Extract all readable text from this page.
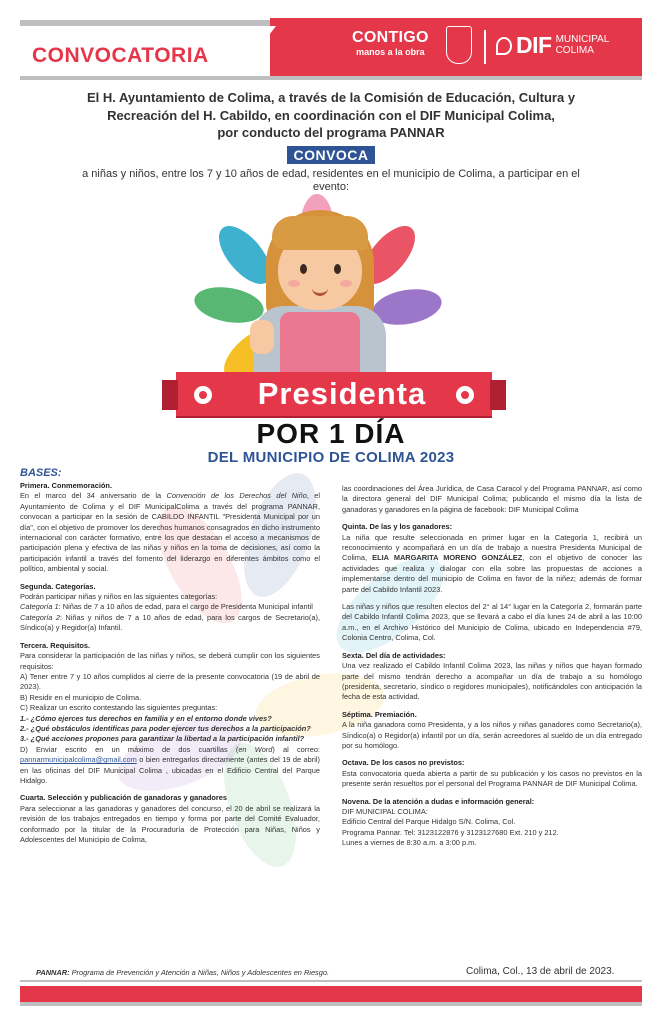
CONVOCATORIA
CONTIGO
manos a la obra	DIF MUNICIPAL
COLIMA
El H. Ayuntamiento de Colima, a través de la Comisión de Educación, Cultura y
Recreación del H. Cabildo, en coordinación con el DIF Municipal Colima,
por conducto del programa PANNAR
CONVOCA
a niñas y niños, entre los 7 y 10 años de edad, residentes en el municipio de Colima, a participar en el evento:
Presidenta
POR 1 DÍA
DEL MUNICIPIO DE COLIMA 2023
BASES:
Primera. Conmemoración.
En el marco del 34 aniversario de la Convención de los Derechos del Niño, el Ayuntamiento de Colima y el DIF MunicipalColima a través del programa PANNAR, convocan a participar en la sesión de CABILDO INFANTIL "Presidenta Municipal por un día", con el objetivo de promover los derechos humanos consagrados en dicho instrumento internacional con carácter formativo, entre los que destacan el acceso a mecanismos de participación plena y efectiva de las niñas y niños en la toma de decisiones, así como la participación infantil a través del fomento del liderazgo en diferentes ámbitos como el político, ambiental y social.
Segunda. Categorías.
Podrán participar niñas y niños en las siguientes categorías:
Categoría 1: Niñas de 7 a 10 años de edad, para el cargo de Presidenta Municipal infantil
Categoría 2: Niñas y niños de 7 a 10 años de edad, para los cargos de Secretario(a), Síndico(a) y Regidor(a) Infantil.
Tercera. Requisitos.
Para considerar la participación de las niñas y niños, se deberá cumplir con los siguientes requisitos:
A) Tener entre 7 y 10 años cumplidos al cierre de la presente convocatoria (19 de abril de 2023).
B) Residir en el municipio de Colima.
C) Realizar un escrito contestando las siguientes preguntas:
1.- ¿Cómo ejerces tus derechos en familia y en el entorno donde vives?
2.- ¿Qué obstáculos identificas para poder ejercer tus derechos a la participación?
3.- ¿Qué acciones propones para garantizar la libertad a la participación infantil?
D) Enviar escrito en un máximo de dos cuartillas (en Word) al correo: pannarmunicipalcolima@gmail.com o bien entregarlos directamente (antes del 19 de abril) en las oficinas del DIF Municipal Colima , ubicadas en el Edificio Central del Parque Hidalgo.
Cuarta. Selección y publicación de ganadoras y ganadores
Para seleccionar a las ganadoras y ganadores del concurso, el 20 de abril se realizará la revisión de los trabajos entregados en tiempo y forma por parte del Comité Evaluador, conformado por la titular de la Procuraduría de Protección para Niñas, Niños y Adolescentes del Municipio de Colima,
las coordinaciones del Área Jurídica, de Casa Caracol y del Programa PANNAR, así como la directora general del DIF Municipal Colima; publicando el mismo día la lista de ganadoras y ganadores en la página de facebook: DIF Municipal Colima
Quinta. De las y los ganadores:
La niña que resulte seleccionada en primer lugar en la Categoría 1, recibirá un reconocimiento y acompañará en un día de trabajo a nuestra Presidenta Municipal de Colima, ELIA MARGARITA MORENO GONZÁLEZ, con el objetivo de conocer las actividades que realiza y dialogar con ella sobre las propuestas de acciones a implementarse dentro del municipio de Colima en favor de la niñez; además de formar parte del Cabildo Infantil 2023.
Las niñas y niños que resulten electos del 2° al 14° lugar en la Categoría 2, formarán parte del Cabildo Infantil Colima 2023, que se llevará a cabo el día lunes 24 de abril a las 10:00 a.m., en el Archivo Histórico del Municipio de Colima, ubicado en Independencia #79, Colonia Centro, Colima, Col.
Sexta. Del día de actividades:
Una vez realizado el Cabildo Infantil Colima 2023, las niñas y niños que hayan formado parte del mismo tendrán derecho a acompañar un día de trabajo a su homólogo (presidenta, secretario, síndico o regidores municipales), notificándoles con anticipación la fecha de esta actividad.
Séptima. Premiación.
A la niña ganadora como Presidenta, y a los niños y niñas ganadores como Secretario(a), Síndico(a) o Regidor(a) infantil por un día, serán acreedores al sueldo de un día entregado por su homólogo.
Octava. De los casos no previstos:
Esta convocatoria queda abierta a partir de su publicación y los casos no previstos en la presente serán resueltos por el personal del Programa PANNAR de DIF Municipal Colima.
Novena. De la atención a dudas e información general:
DIF MUNICIPAL COLIMA:
Edificio Central del Parque Hidalgo S/N. Colima, Col.
Programa Pannar. Tel: 3123122876 y 3123127680 Ext. 210 y 212.
Lunes a viernes de 8:30 a.m. a 3:00 p.m.
PANNAR: Programa de Prevención y Atención a Niñas, Niños y Adolescentes en Riesgo.	Colima, Col., 13 de abril de 2023.
